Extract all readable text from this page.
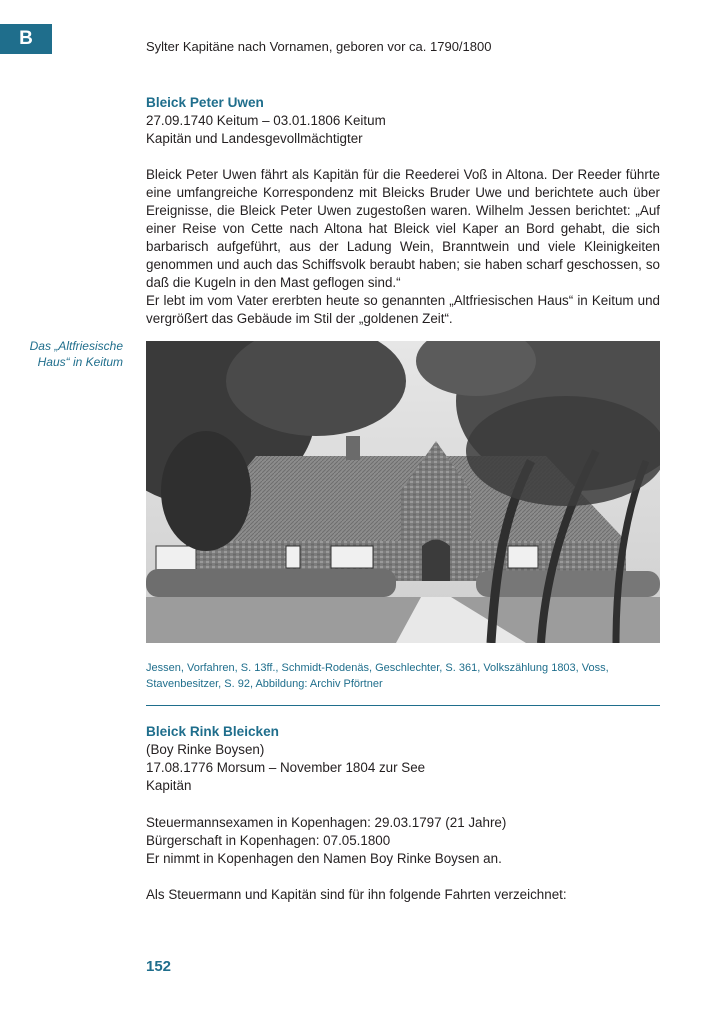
B	Sylter Kapitäne nach Vornamen, geboren vor ca. 1790/1800
Bleick Peter Uwen
27.09.1740 Keitum – 03.01.1806 Keitum
Kapitän und Landesgevollmächtigter

Bleick Peter Uwen fährt als Kapitän für die Reederei Voß in Altona. Der Reeder führte eine umfangreiche Korrespondenz mit Bleicks Bruder Uwe und berichtete auch über Ereignisse, die Bleick Peter Uwen zugestoßen waren. Wilhelm Jessen berichtet: „Auf einer Reise von Cette nach Altona hat Bleick viel Kaper an Bord gehabt, die sich barbarisch aufgeführt, aus der Ladung Wein, Branntwein und viele Kleinigkeiten genommen und auch das Schiffsvolk beraubt haben; sie haben scharf geschossen, so daß die Kugeln in den Mast geflogen sind.“

Er lebt im vom Vater ererbten heute so genannten „Altfriesischen Haus“ in Keitum und vergrößert das Gebäude im Stil der „goldenen Zeit“.

Das „Altfriesische Haus“ in Keitum
Jessen, Vorfahren, S. 13ff., Schmidt-Rodenäs, Geschlechter, S. 361, Volkszählung 1803, Voss, Stavenbesitzer, S. 92, Abbildung: Archiv Pförtner
Bleick Rink Bleicken
(Boy Rinke Boysen)
17.08.1776 Morsum – November 1804 zur See
Kapitän
Steuermannsexamen in Kopenhagen: 29.03.1797 (21 Jahre)
Bürgerschaft in Kopenhagen: 07.05.1800
Er nimmt in Kopenhagen den Namen Boy Rinke Boysen an.
Als Steuermann und Kapitän sind für ihn folgende Fahrten verzeichnet:
152
